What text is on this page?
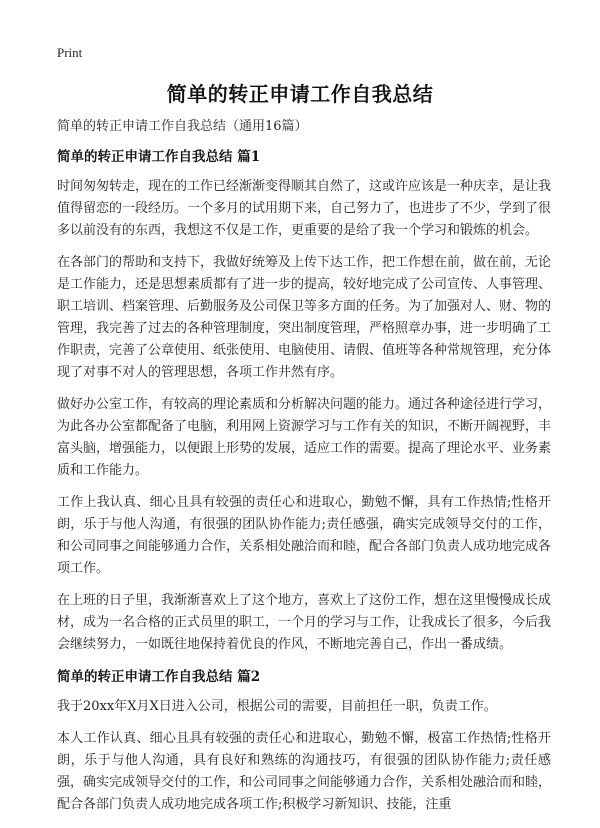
Print
简单的转正申请工作自我总结

简单的转正申请工作自我总结（通用16篇）

简单的转正申请工作自我总结 篇1

时间匆匆转走，现在的工作已经渐渐变得顺其自然了，这或许应该是一种庆幸，是让我值得留恋的一段经历。一个多月的试用期下来，自己努力了，也进步了不少，学到了很多以前没有的东西，我想这不仅是工作，更重要的是给了我一个学习和锻炼的机会。

在各部门的帮助和支持下，我做好统筹及上传下达工作，把工作想在前，做在前，无论是工作能力，还是思想素质都有了进一步的提高，较好地完成了公司宣传、人事管理、职工培训、档案管理、后勤服务及公司保卫等多方面的任务。为了加强对人、财、物的管理，我完善了过去的各种管理制度，突出制度管理，严格照章办事，进一步明确了工作职责，完善了公章使用、纸张使用、电脑使用、请假、值班等各种常规管理，充分体现了对事不对人的管理思想，各项工作井然有序。

做好办公室工作，有较高的理论素质和分析解决问题的能力。通过各种途径进行学习，为此各办公室都配备了电脑，利用网上资源学习与工作有关的知识，不断开阔视野，丰富头脑，增强能力，以便跟上形势的发展，适应工作的需要。提高了理论水平、业务素质和工作能力。

工作上我认真、细心且具有较强的责任心和进取心，勤勉不懈，具有工作热情;性格开朗，乐于与他人沟通，有很强的团队协作能力;责任感强，确实完成领导交付的工作，和公司同事之间能够通力合作，关系相处融洽而和睦，配合各部门负责人成功地完成各项工作。

在上班的日子里，我渐渐喜欢上了这个地方，喜欢上了这份工作，想在这里慢慢成长成材，成为一名合格的正式员里的职工，一个月的学习与工作，让我成长了很多，今后我会继续努力，一如既往地保持着优良的作风，不断地完善自己，作出一番成绩。

简单的转正申请工作自我总结 篇2

我于20xx年X月X日进入公司，根据公司的需要，目前担任一职，负责工作。

本人工作认真、细心且具有较强的责任心和进取心，勤勉不懈，极富工作热情;性格开朗，乐于与他人沟通，具有良好和熟练的沟通技巧，有很强的团队协作能力;责任感强，确实完成领导交付的工作，和公司同事之间能够通力合作，关系相处融洽而和睦，配合各部门负责人成功地完成各项工作;积极学习新知识、技能，注重
